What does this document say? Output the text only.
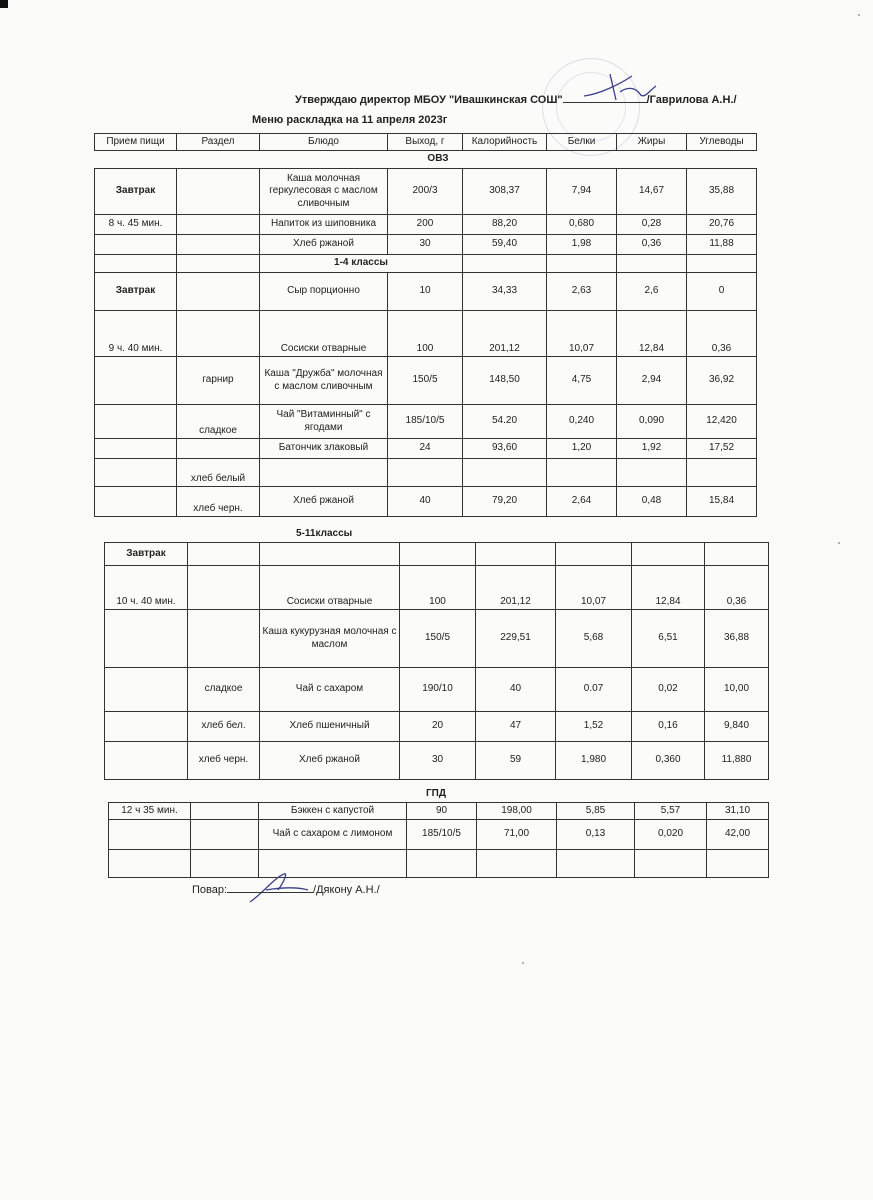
Утверждаю директор МБОУ "Ивашкинская СОШ"	/Гаврилова А.Н./
Меню раскладка на 11 апреля 2023г
Прием пищи	Раздел	Блюдо	Выход, г	Калорийность	Белки	Жиры	Углеводы
		ОВЗ					
Завтрак		Каша молочная геркулесовая с маслом сливочным	200/3	308,37	7,94	14,67	35,88
8 ч. 45 мин.		Напиток из шиповника	200	88,20	0,680	0,28	20,76
		Хлеб ржаной	30	59,40	1,98	0,36	11,88
		1-4 классы					
Завтрак		Сыр порционно	10	34,33	2,63	2,6	0
9 ч. 40 мин.		Сосиски отварные	100	201,12	10,07	12,84	0,36
	гарнир	Каша "Дружба" молочная с маслом сливочным	150/5	148,50	4,75	2,94	36,92
	сладкое	Чай "Витаминный" с ягодами	185/10/5	54.20	0,240	0,090	12,420
		Батончик злаковый	24	93,60	1,20	1,92	17,52
	хлеб белый						
	хлеб черн.	Хлеб ржаной	40	79,20	2,64	0,48	15,84
5-11классы
Завтрак							
10 ч. 40 мин.		Сосиски отварные	100	201,12	10,07	12,84	0,36
		Каша кукурузная молочная с маслом	150/5	229,51	5,68	6,51	36,88
	сладкое	Чай с сахаром	190/10	40	0.07	0,02	10,00
	хлеб бел.	Хлеб пшеничный	20	47	1,52	0,16	9,840
	хлеб черн.	Хлеб ржаной	30	59	1,980	0,360	11,880
ГПД
12 ч 35 мин.		Бэккен с капустой	90	198,00	5,85	5,57	31,10
		Чай с сахаром с лимоном	185/10/5	71,00	0,13	0,020	42,00

Повар:	/Дякону А.Н./
